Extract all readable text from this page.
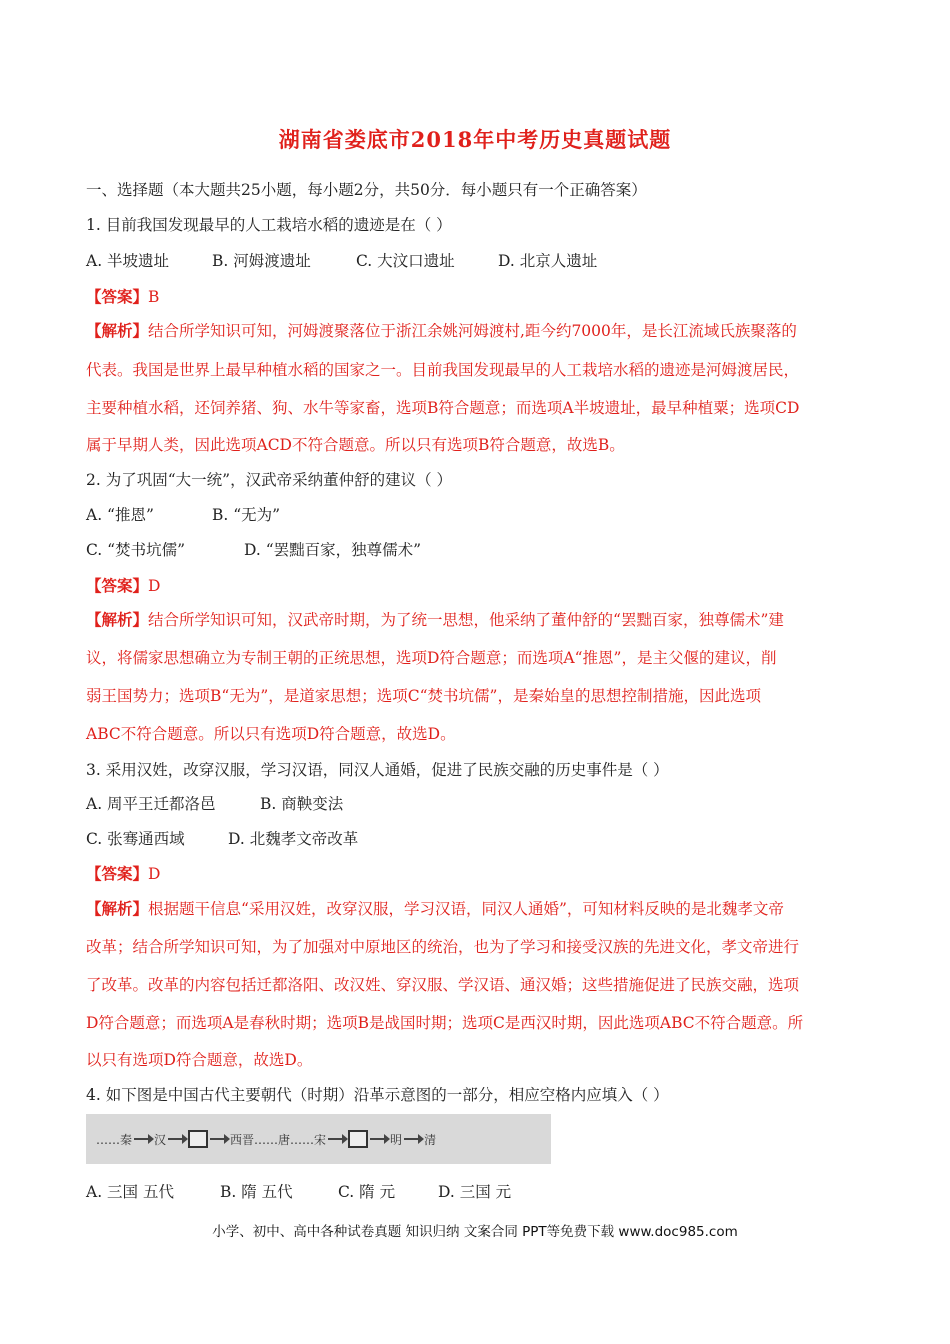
湖南省娄底市2018年中考历史真题试题
一、选择题（本大题共25小题，每小题2分，共50分．每小题只有一个正确答案）
1. 目前我国发现最早的人工栽培水稻的遗迹是在（ ）
A. 半坡遗址	B. 河姆渡遗址	C. 大汶口遗址	D. 北京人遗址
【答案】B
【解析】结合所学知识可知，河姆渡聚落位于浙江余姚河姆渡村,距今约7000年，是长江流域氏族聚落的
代表。我国是世界上最早种植水稻的国家之一。目前我国发现最早的人工栽培水稻的遗迹是河姆渡居民，
主要种植水稻，还饲养猪、狗、水牛等家畜，选项B符合题意；而选项A半坡遗址，最早种植粟；选项CD
属于早期人类，因此选项ACD不符合题意。所以只有选项B符合题意，故选B。
2. 为了巩固“大一统”，汉武帝采纳董仲舒的建议（ ）
A. “推恩”	B. “无为”
C. “焚书坑儒”	D. “罢黜百家，独尊儒术”
【答案】D
【解析】结合所学知识可知，汉武帝时期，为了统一思想，他采纳了董仲舒的“罢黜百家，独尊儒术”建
议，将儒家思想确立为专制王朝的正统思想，选项D符合题意；而选项A“推恩”，是主父偃的建议，削
弱王国势力；选项B“无为”，是道家思想；选项C“焚书坑儒”，是秦始皇的思想控制措施，因此选项
ABC不符合题意。所以只有选项D符合题意，故选D。
3. 采用汉姓，改穿汉服，学习汉语，同汉人通婚，促进了民族交融的历史事件是（ ）
A. 周平王迁都洛邑	B. 商鞅变法
C. 张骞通西域	D. 北魏孝文帝改革
【答案】D
【解析】根据题干信息“采用汉姓，改穿汉服，学习汉语，同汉人通婚”，可知材料反映的是北魏孝文帝
改革；结合所学知识可知，为了加强对中原地区的统治，也为了学习和接受汉族的先进文化，孝文帝进行
了改革。改革的内容包括迁都洛阳、改汉姓、穿汉服、学汉语、通汉婚；这些措施促进了民族交融，选项
D符合题意；而选项A是春秋时期；选项B是战国时期；选项C是西汉时期，因此选项ABC不符合题意。所
以只有选项D符合题意，故选D。
4. 如下图是中国古代主要朝代（时期）沿革示意图的一部分，相应空格内应填入（ ）
……秦 汉	西晋……唐……宋	明 清
A. 三国 五代	B. 隋 五代	C. 隋 元	D. 三国 元
小学、初中、高中各种试卷真题 知识归纳 文案合同 PPT等免费下载 www.doc985.com
